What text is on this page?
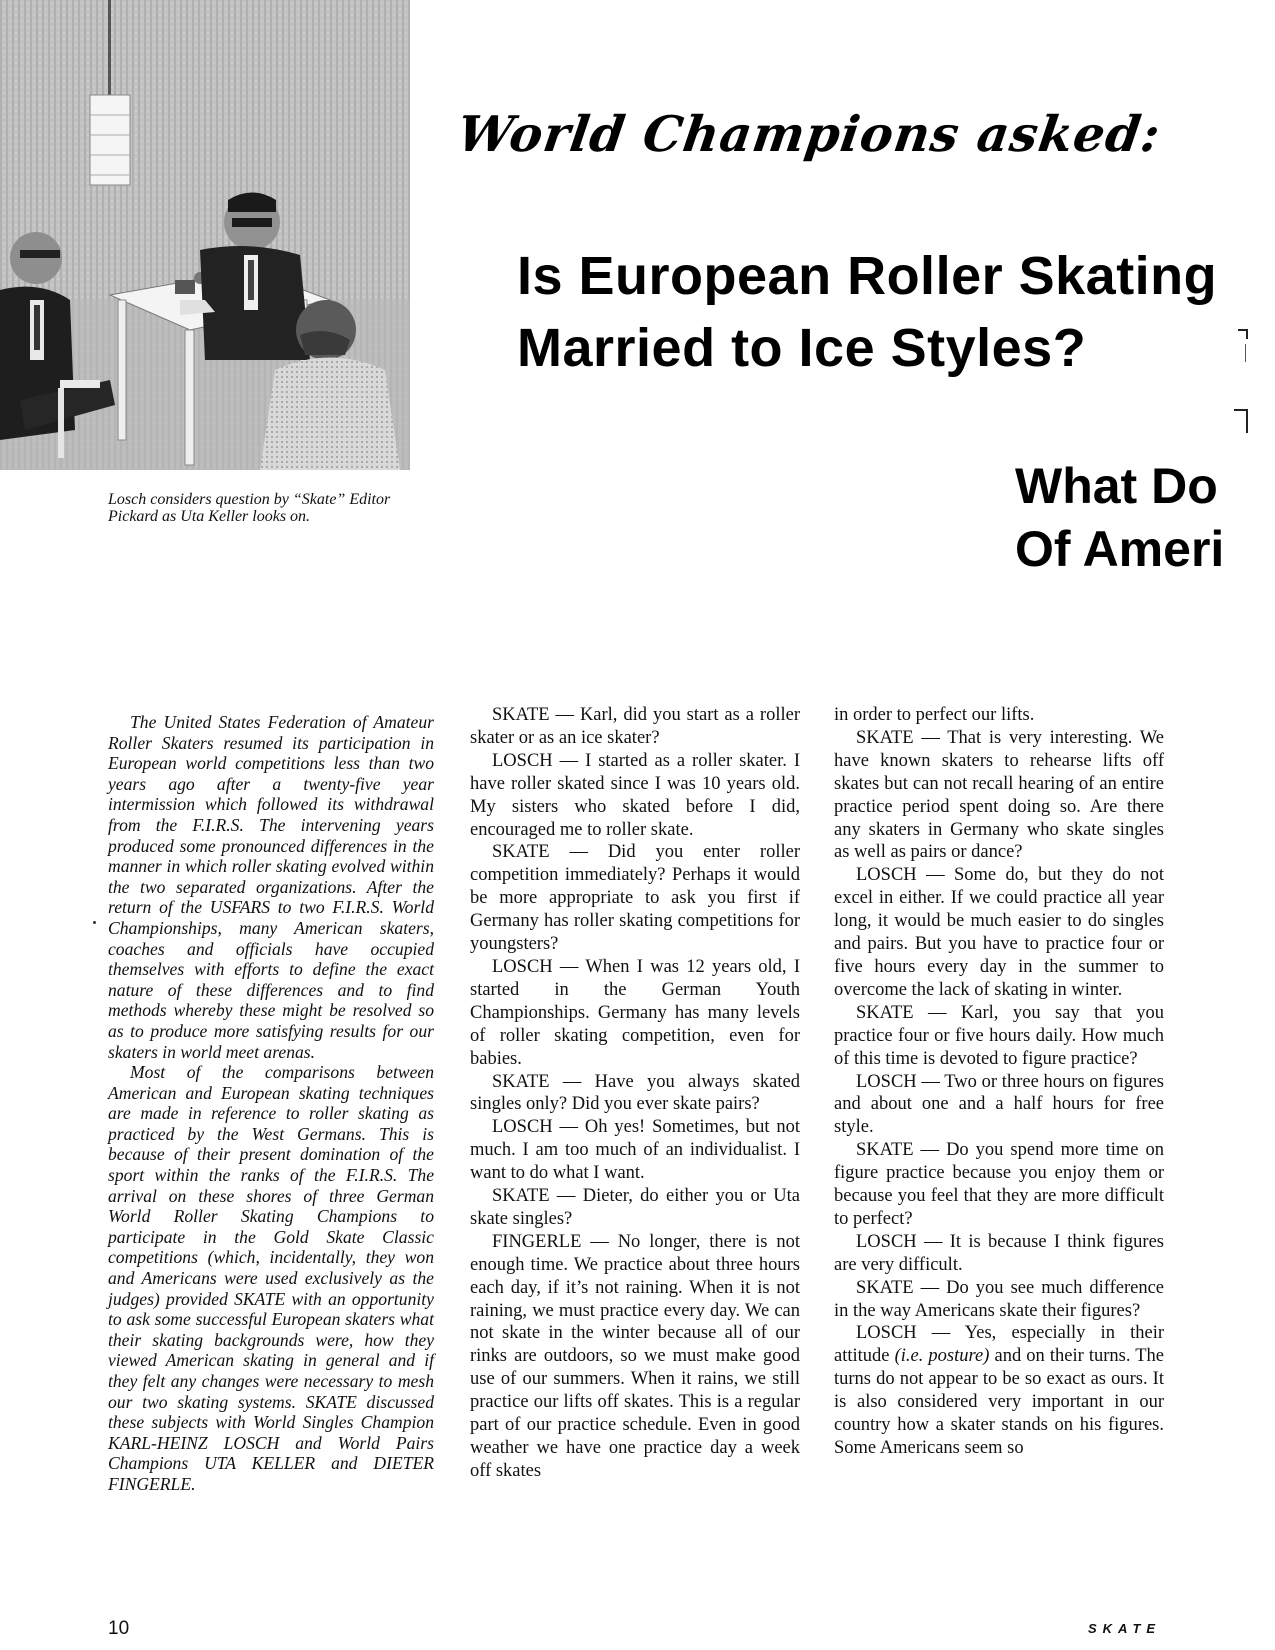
Losch considers question by “Skate” Editor Pickard as Uta Keller looks on.
World Champions asked:
Is European Roller Skating
Married to Ice Styles?
What Do
Of Ameri

The United States Federation of Amateur Roller Skaters resumed its participation in European world competitions less than two years ago after a twenty-five year intermission which followed its withdrawal from the F.I.R.S. The intervening years produced some pronounced differences in the manner in which roller skating evolved within the two separated organizations. After the return of the USFARS to two F.I.R.S. World Championships, many American skaters, coaches and officials have occupied themselves with efforts to define the exact nature of these differences and to find methods whereby these might be resolved so as to produce more satisfying results for our skaters in world meet arenas.

Most of the comparisons between American and European skating techniques are made in reference to roller skating as practiced by the West Germans. This is because of their present domination of the sport within the ranks of the F.I.R.S. The arrival on these shores of three German World Roller Skating Champions to participate in the Gold Skate Classic competitions (which, incidentally, they won and Americans were used exclusively as the judges) provided SKATE with an opportunity to ask some successful European skaters what their skating backgrounds were, how they viewed American skating in general and if they felt any changes were necessary to mesh our two skating systems. SKATE discussed these subjects with World Singles Champion KARL-HEINZ LOSCH and World Pairs Champions UTA KELLER and DIETER FINGERLE.

SKATE — Karl, did you start as a roller skater or as an ice skater?

LOSCH — I started as a roller skater. I have roller skated since I was 10 years old. My sisters who skated before I did, encouraged me to roller skate.

SKATE — Did you enter roller competition immediately? Perhaps it would be more appropriate to ask you first if Germany has roller skating competitions for youngsters?

LOSCH — When I was 12 years old, I started in the German Youth Championships. Germany has many levels of roller skating competition, even for babies.

SKATE — Have you always skated singles only? Did you ever skate pairs?

LOSCH — Oh yes! Sometimes, but not much. I am too much of an individualist. I want to do what I want.

SKATE — Dieter, do either you or Uta skate singles?

FINGERLE — No longer, there is not enough time. We practice about three hours each day, if it’s not raining. When it is not raining, we must practice every day. We can not skate in the winter because all of our rinks are outdoors, so we must make good use of our summers. When it rains, we still practice our lifts off skates. This is a regular part of our practice schedule. Even in good weather we have one practice day a week off skates

in order to perfect our lifts.

SKATE — That is very interesting. We have known skaters to rehearse lifts off skates but can not recall hearing of an entire practice period spent doing so. Are there any skaters in Germany who skate singles as well as pairs or dance?

LOSCH — Some do, but they do not excel in either. If we could practice all year long, it would be much easier to do singles and pairs. But you have to practice four or five hours every day in the summer to overcome the lack of skating in winter.

SKATE — Karl, you say that you practice four or five hours daily. How much of this time is devoted to figure practice?

LOSCH — Two or three hours on figures and about one and a half hours for free style.

SKATE — Do you spend more time on figure practice because you enjoy them or because you feel that they are more difficult to perfect?

LOSCH — It is because I think figures are very difficult.

SKATE — Do you see much difference in the way Americans skate their figures?

LOSCH — Yes, especially in their attitude (i.e. posture) and on their turns. The turns do not appear to be so exact as ours. It is also considered very important in our country how a skater stands on his figures. Some Americans seem so

10	SKATE
